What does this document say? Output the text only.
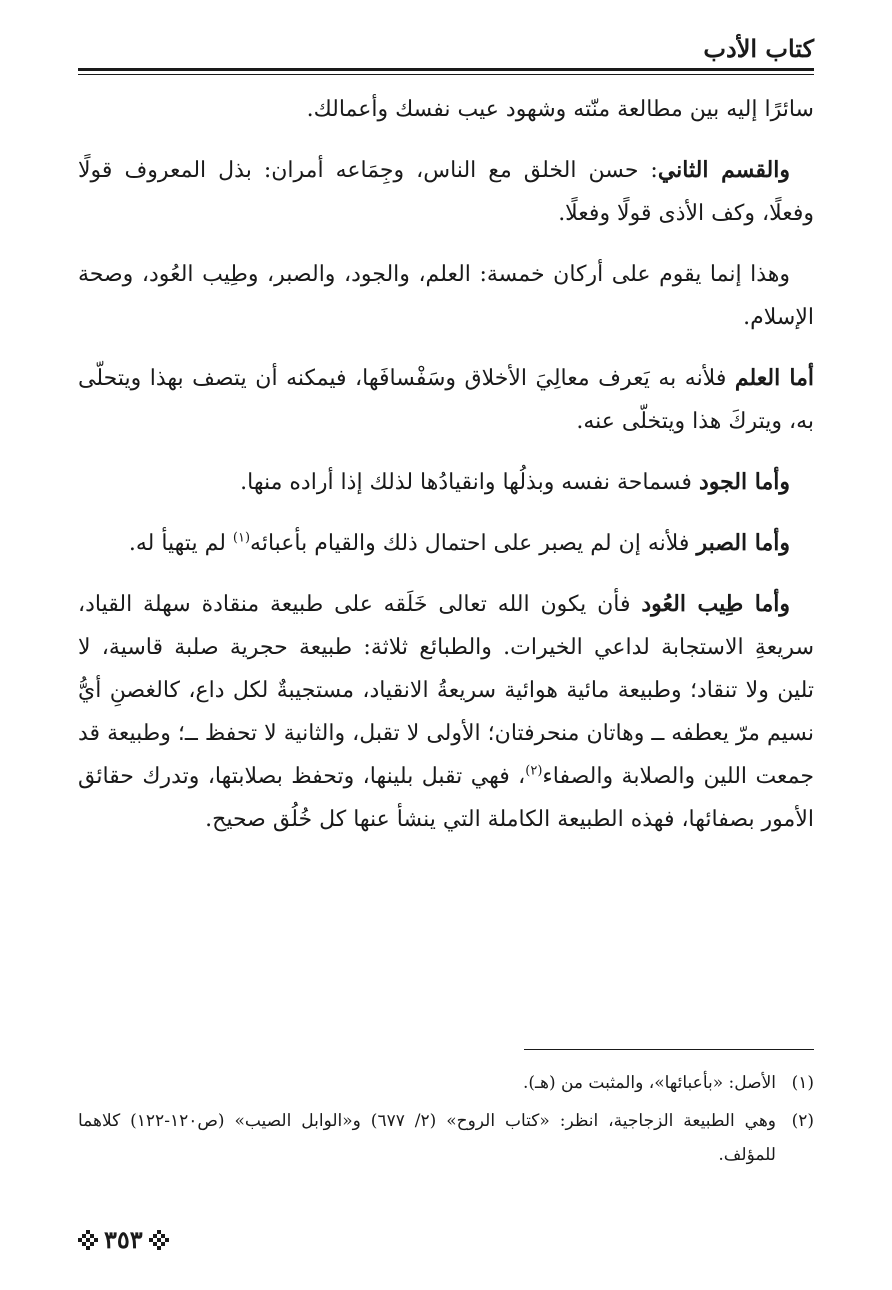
كتاب الأدب

سائرًا إليه بين مطالعة منّته وشهود عيب نفسك وأعمالك.

والقسم الثاني: حسن الخلق مع الناس، وجِمَاعه أمران: بذل المعروف قولًا وفعلًا، وكف الأذى قولًا وفعلًا.

وهذا إنما يقوم على أركان خمسة: العلم، والجود، والصبر، وطِيب العُود، وصحة الإسلام.

أما العلم فلأنه به يَعرف معالِيَ الأخلاق وسَفْسافَها، فيمكنه أن يتصف بهذا ويتحلّى به، ويتركَ هذا ويتخلّى عنه.

وأما الجود فسماحة نفسه وبذلُها وانقيادُها لذلك إذا أراده منها.

وأما الصبر فلأنه إن لم يصبر على احتمال ذلك والقيام بأعبائه$^{(١)}$ لم يتهيأ له.

وأما طِيب العُود فأن يكون الله تعالى خَلَقه على طبيعة منقادة سهلة القياد، سريعةِ الاستجابة لداعي الخيرات. والطبائع ثلاثة: طبيعة حجرية صلبة قاسية، لا تلين ولا تنقاد؛ وطبيعة مائية هوائية سريعةُ الانقياد، مستجيبةٌ لكل داع، كالغصنِ أيُّ نسيم مرّ يعطفه ــ وهاتان منحرفتان؛ الأولى لا تقبل، والثانية لا تحفظ ــ؛ وطبيعة قد جمعت اللين والصلابة والصفاء$^{(٢)}$، فهي تقبل بلينها، وتحفظ بصلابتها، وتدرك حقائق الأمور بصفائها، فهذه الطبيعة الكاملة التي ينشأ عنها كل خُلُق صحيح.

(١)
الأصل: «بأعبائها»، والمثبت من (هـ).
(٢)
وهي الطبيعة الزجاجية، انظر: «كتاب الروح» (٢/ ٦٧٧) و«الوابل الصيب» (ص١٢٠-١٢٢) كلاهما للمؤلف.
٣٥٣
